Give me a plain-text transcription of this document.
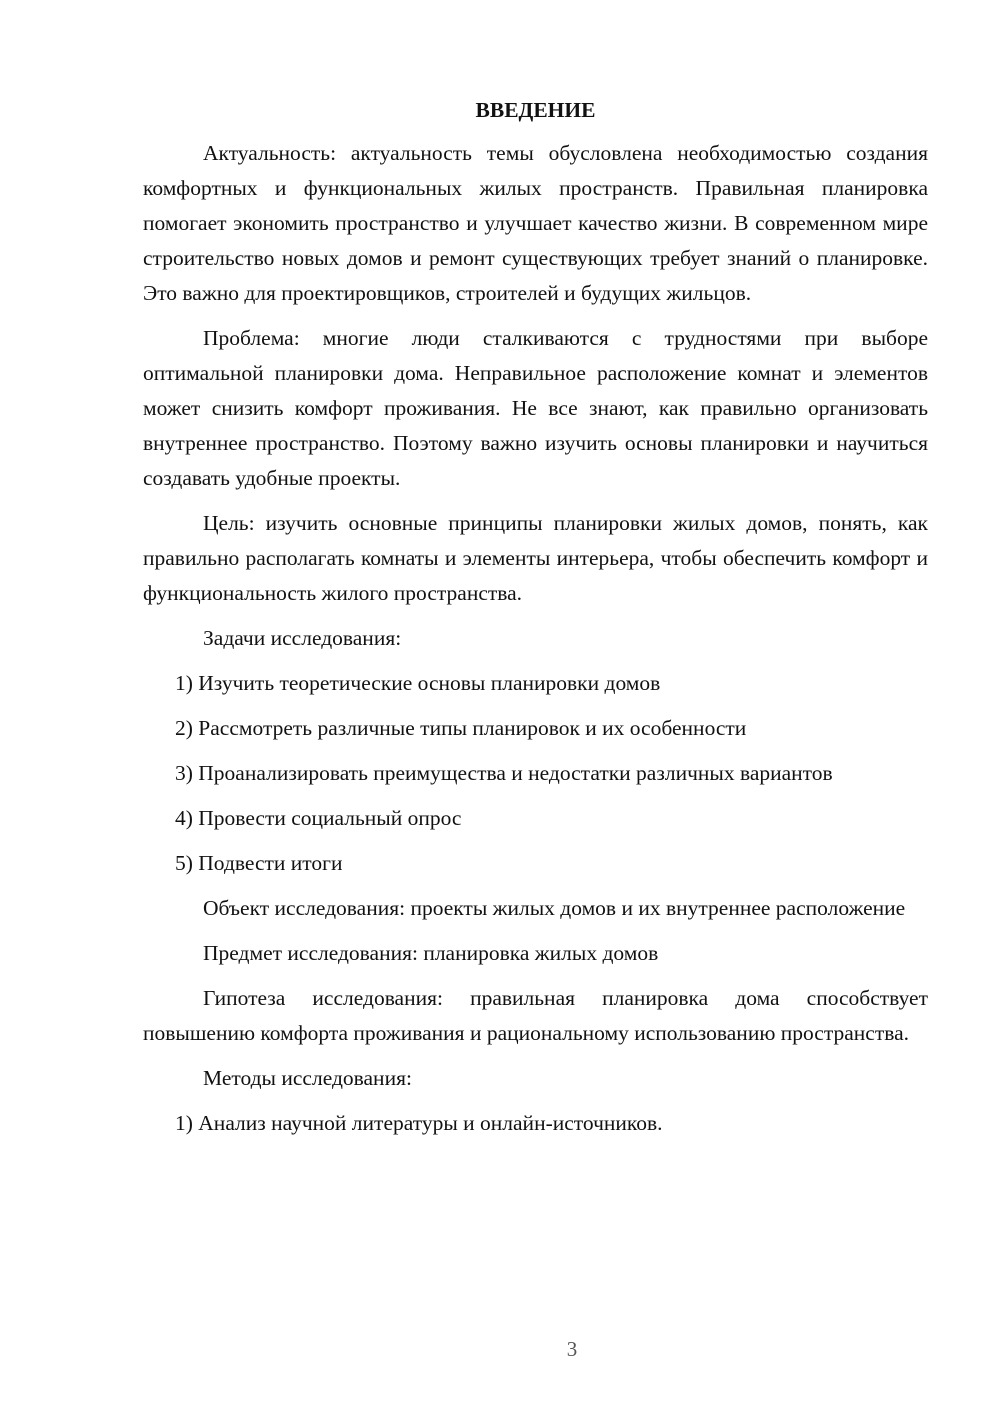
ВВЕДЕНИЕ

Актуальность: актуальность темы обусловлена необходимостью создания комфортных и функциональных жилых пространств. Правильная планировка помогает экономить пространство и улучшает качество жизни. В современном мире строительство новых домов и ремонт существующих требует знаний о планировке. Это важно для проектировщиков, строителей и будущих жильцов.

Проблема: многие люди сталкиваются с трудностями при выборе оптимальной планировки дома. Неправильное расположение комнат и элементов может снизить комфорт проживания. Не все знают, как правильно организовать внутреннее пространство. Поэтому важно изучить основы планировки и научиться создавать удобные проекты.

Цель: изучить основные принципы планировки жилых домов, понять, как правильно располагать комнаты и элементы интерьера, чтобы обеспечить комфорт и функциональность жилого пространства.

Задачи исследования:

1) Изучить теоретические основы планировки домов

2) Рассмотреть различные типы планировок и их особенности

3) Проанализировать преимущества и недостатки различных вариантов

4) Провести социальный опрос

5) Подвести итоги

Объект исследования: проекты жилых домов и их внутреннее расположение

Предмет исследования: планировка жилых домов

Гипотеза исследования: правильная планировка дома способствует повышению комфорта проживания и рациональному использованию пространства.

Методы исследования:

1) Анализ научной литературы и онлайн-источников.

3
